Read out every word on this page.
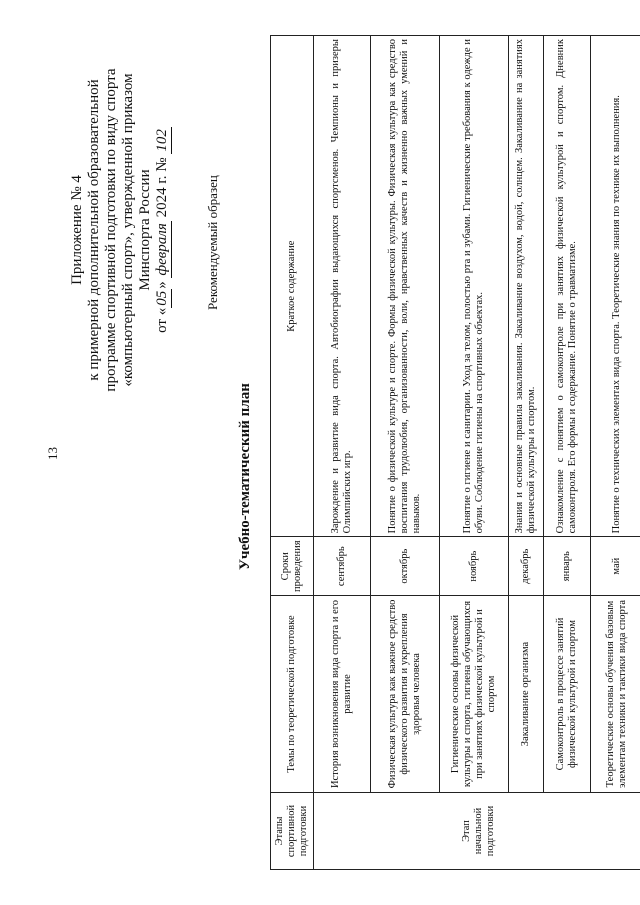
13
Приложение № 4 к примерной дополнительной образовательной программе спортивной подготовки по виду спорта «компьютерный спорт», утвержденной приказом Минспорта России
от «05» февраля 2024 г. № 102
Рекомендуемый образец
Учебно-тематический план
Этапы спортивной подготовки	Темы по теоретической подготовке	Сроки проведения	Краткое содержание
Этап начальной подготовки	История возникновения вида спорта и его развитие	сентябрь	Зарождение и развитие вида спорта. Автобиографии выдающихся спортсменов. Чемпионы и призеры Олимпийских игр.
	Физическая культура как важное средство физического развития и укрепления здоровья человека	октябрь	Понятие о физической культуре и спорте. Формы физической культуры. Физическая культура как средство воспитания трудолюбия, организованности, воли, нравственных качеств и жизненно важных умений и навыков.
	Гигиенические основы физической культуры и спорта, гигиена обучающихся при занятиях физической культурой и спортом	ноябрь	Понятие о гигиене и санитарии. Уход за телом, полостью рта и зубами. Гигиенические требования к одежде и обуви. Соблюдение гигиены на спортивных объектах.
	Закаливание организма	декабрь	Знания и основные правила закаливания. Закаливание воздухом, водой, солнцем. Закаливание на занятиях физической культуры и спортом.
	Самоконтроль в процессе занятий физической культурой и спортом	январь	Ознакомление с понятием о самоконтроле при занятиях физической культурой и спортом. Дневник самоконтроля. Его формы и содержание. Понятие о травматизме.
	Теоретические основы обучения базовым элементам техники и тактики вида спорта	май	Понятие о технических элементах вида спорта. Теоретические знания по технике их выполнения.
